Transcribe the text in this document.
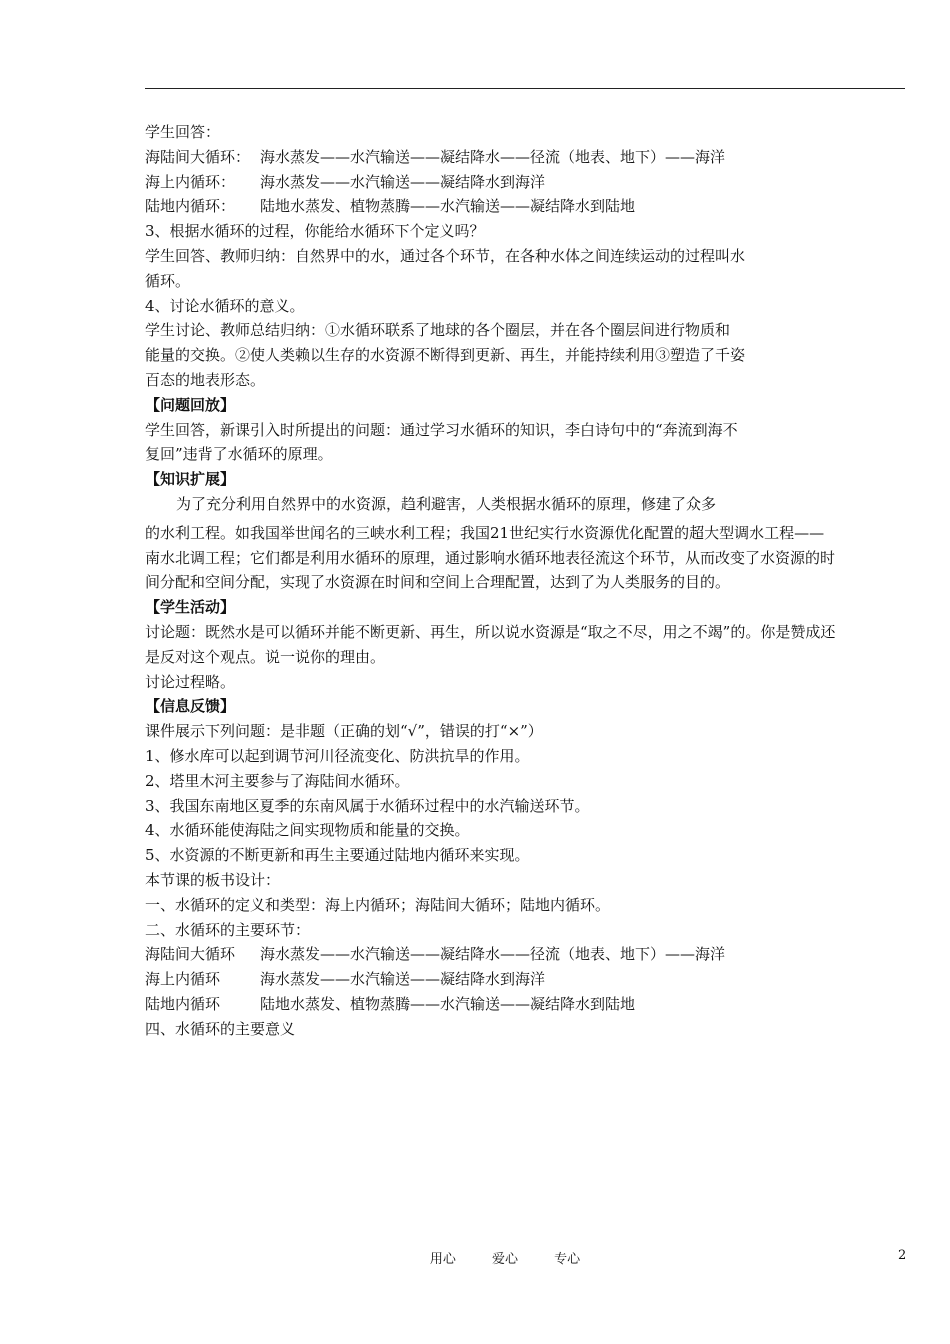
学生回答：
海陆间大循环： 海水蒸发——水汽输送——凝结降水——径流（地表、地下）——海洋
海上内循环： 海水蒸发——水汽输送——凝结降水到海洋
陆地内循环： 陆地水蒸发、植物蒸腾——水汽输送——凝结降水到陆地
3、根据水循环的过程，你能给水循环下个定义吗？
学生回答、教师归纳：自然界中的水，通过各个环节，在各种水体之间连续运动的过程叫水
循环。
4、讨论水循环的意义。
学生讨论、教师总结归纳：①水循环联系了地球的各个圈层，并在各个圈层间进行物质和
能量的交换。②使人类赖以生存的水资源不断得到更新、再生，并能持续利用③塑造了千姿
百态的地表形态。
【问题回放】
学生回答，新课引入时所提出的问题：通过学习水循环的知识，李白诗句中的“奔流到海不
复回”违背了水循环的原理。
【知识扩展】
为了充分利用自然界中的水资源，趋利避害，人类根据水循环的原理，修建了众多
的水利工程。如我国举世闻名的三峡水利工程；我国21世纪实行水资源优化配置的超大型调水工程——
南水北调工程；它们都是利用水循环的原理，通过影响水循环地表径流这个环节，从而改变了水资源的时
间分配和空间分配，实现了水资源在时间和空间上合理配置，达到了为人类服务的目的。
【学生活动】
讨论题：既然水是可以循环并能不断更新、再生，所以说水资源是“取之不尽，用之不竭”的。你是赞成还
是反对这个观点。说一说你的理由。
讨论过程略。
【信息反馈】
课件展示下列问题：是非题（正确的划“√”，错误的打“×”）
1、修水库可以起到调节河川径流变化、防洪抗旱的作用。
2、塔里木河主要参与了海陆间水循环。
3、我国东南地区夏季的东南风属于水循环过程中的水汽输送环节。
4、水循环能使海陆之间实现物质和能量的交换。
5、水资源的不断更新和再生主要通过陆地内循环来实现。
本节课的板书设计：
一、水循环的定义和类型：海上内循环；海陆间大循环；陆地内循环。
二、水循环的主要环节：
海陆间大循环 海水蒸发——水汽输送——凝结降水——径流（地表、地下）——海洋
海上内循环	海水蒸发——水汽输送——凝结降水到海洋
陆地内循环	陆地水蒸发、植物蒸腾——水汽输送——凝结降水到陆地
四、水循环的主要意义
用心	爱心	专心	2
